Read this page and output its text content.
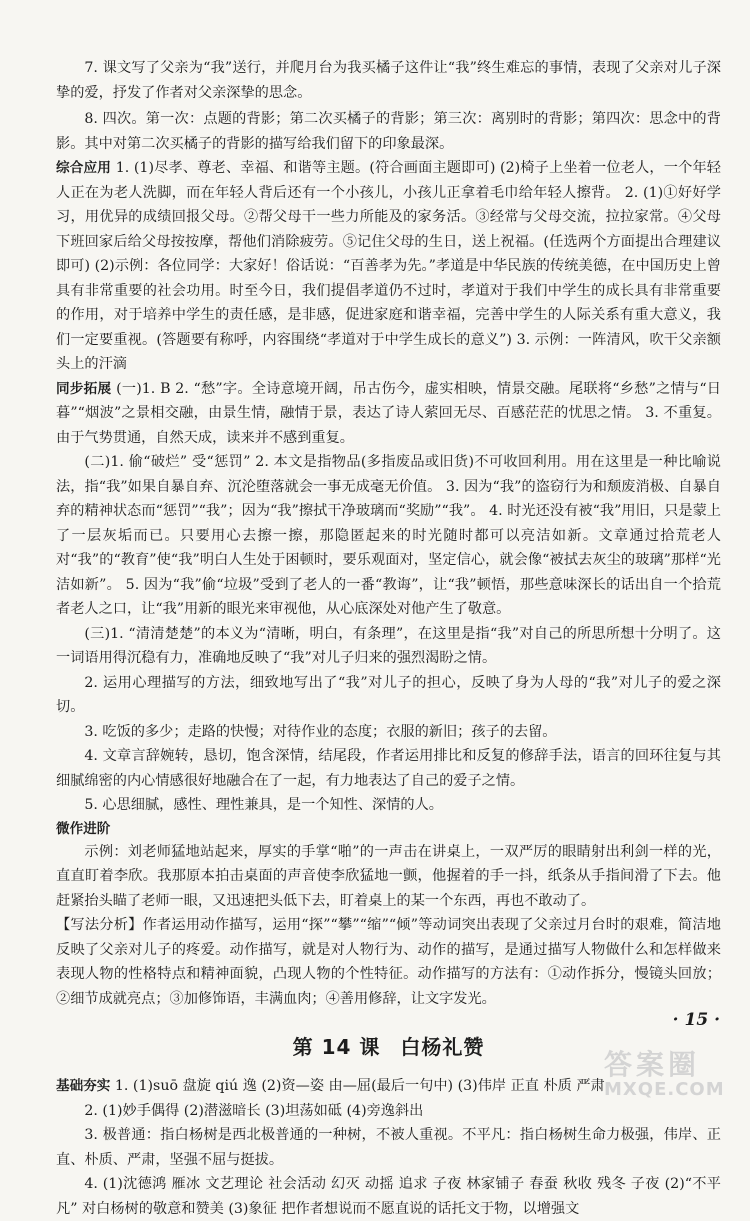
7. 课文写了父亲为“我”送行，并爬月台为我买橘子这件让“我”终生难忘的事情，表现了父亲对儿子深挚的爱，抒发了作者对父亲深挚的思念。

8. 四次。第一次：点题的背影；第二次买橘子的背影；第三次：离别时的背影；第四次：思念中的背影。其中对第二次买橘子的背影的描写给我们留下的印象最深。

综合应用 1. (1)尽孝、尊老、幸福、和谐等主题。(符合画面主题即可) (2)椅子上坐着一位老人，一个年轻人正在为老人洗脚，而在年轻人背后还有一个小孩儿，小孩儿正拿着毛巾给年轻人擦背。 2. (1)①好好学习，用优异的成绩回报父母。②帮父母干一些力所能及的家务活。③经常与父母交流，拉拉家常。④父母下班回家后给父母按按摩，帮他们消除疲劳。⑤记住父母的生日，送上祝福。(任选两个方面提出合理建议即可) (2)示例：各位同学：大家好！俗话说：“百善孝为先。”孝道是中华民族的传统美德，在中国历史上曾具有非常重要的社会功用。时至今日，我们提倡孝道仍不过时，孝道对于我们中学生的成长具有非常重要的作用，对于培养中学生的责任感，是非感，促进家庭和谐幸福，完善中学生的人际关系有重大意义，我们一定要重视。(答题要有称呼，内容围绕“孝道对于中学生成长的意义”) 3. 示例：一阵清风，吹干父亲额头上的汗滴

同步拓展 (一)1. B 2. “愁”字。全诗意境开阔，吊古伤今，虚实相映，情景交融。尾联将“乡愁”之情与“日暮”“烟波”之景相交融，由景生情，融情于景，表达了诗人萦回无尽、百感茫茫的忧思之情。 3. 不重复。由于气势贯通，自然天成，读来并不感到重复。

(二)1. 偷“破烂” 受“惩罚” 2. 本文是指物品(多指废品或旧货)不可收回利用。用在这里是一种比喻说法，指“我”如果自暴自弃、沉沦堕落就会一事无成毫无价值。 3. 因为“我”的盗窃行为和颓废消极、自暴自弃的精神状态而“惩罚”“我”；因为“我”擦拭干净玻璃而“奖励”“我”。 4. 时光还没有被“我”用旧，只是蒙上了一层灰垢而已。只要用心去擦一擦，那隐匿起来的时光随时都可以亮洁如新。文章通过拾荒老人对“我”的“教育”使“我”明白人生处于困顿时，要乐观面对，坚定信心，就会像“被拭去灰尘的玻璃”那样“光洁如新”。 5. 因为“我”偷“垃圾”受到了老人的一番“教诲”，让“我”顿悟，那些意味深长的话出自一个拾荒者老人之口，让“我”用新的眼光来审视他，从心底深处对他产生了敬意。

(三)1. “清清楚楚”的本义为“清晰，明白，有条理”，在这里是指“我”对自己的所思所想十分明了。这一词语用得沉稳有力，准确地反映了“我”对儿子归来的强烈渴盼之情。

2. 运用心理描写的方法，细致地写出了“我”对儿子的担心，反映了身为人母的“我”对儿子的爱之深切。

3. 吃饭的多少；走路的快慢；对待作业的态度；衣服的新旧；孩子的去留。

4. 文章言辞婉转，恳切，饱含深情，结尾段，作者运用排比和反复的修辞手法，语言的回环往复与其细腻绵密的内心情感很好地融合在了一起，有力地表达了自己的爱子之情。

5. 心思细腻，感性、理性兼具，是一个知性、深情的人。

微作进阶

示例：刘老师猛地站起来，厚实的手掌“啪”的一声击在讲桌上，一双严厉的眼睛射出利剑一样的光，直直盯着李欣。我那原本拍击桌面的声音使李欣猛地一颤，他握着的手一抖，纸条从手指间滑了下去。他赶紧抬头瞄了老师一眼，又迅速把头低下去，盯着桌上的某一个东西，再也不敢动了。

【写法分析】作者运用动作描写，运用“探”“攀”“缩”“倾”等动词突出表现了父亲过月台时的艰难，简洁地反映了父亲对儿子的疼爱。动作描写，就是对人物行为、动作的描写，是通过描写人物做什么和怎样做来表现人物的性格特点和精神面貌，凸现人物的个性特征。动作描写的方法有：①动作拆分，慢镜头回放；②细节成就亮点；③加修饰语，丰满血肉；④善用修辞，让文字发光。

第 14 课 白杨礼赞

基础夯实 1. (1)suō 盘旋 qiú 逸 (2)资—姿 由—屈(最后一句中) (3)伟岸 正直 朴质 严肃

2. (1)妙手偶得 (2)潜滋暗长 (3)坦荡如砥 (4)旁逸斜出

3. 极普通：指白杨树是西北极普通的一种树，不被人重视。不平凡：指白杨树生命力极强，伟岸、正直、朴质、严肃，坚强不屈与挺拔。

4. (1)沈德鸿 雁冰 文艺理论 社会活动 幻灭 动摇 追求 子夜 林家铺子 春蚕 秋收 残冬 子夜 (2)“不平凡” 对白杨树的敬意和赞美 (3)象征 把作者想说而不愿直说的话托文于物，以增强文

· 15 ·
答案圈
MXQE.COM
